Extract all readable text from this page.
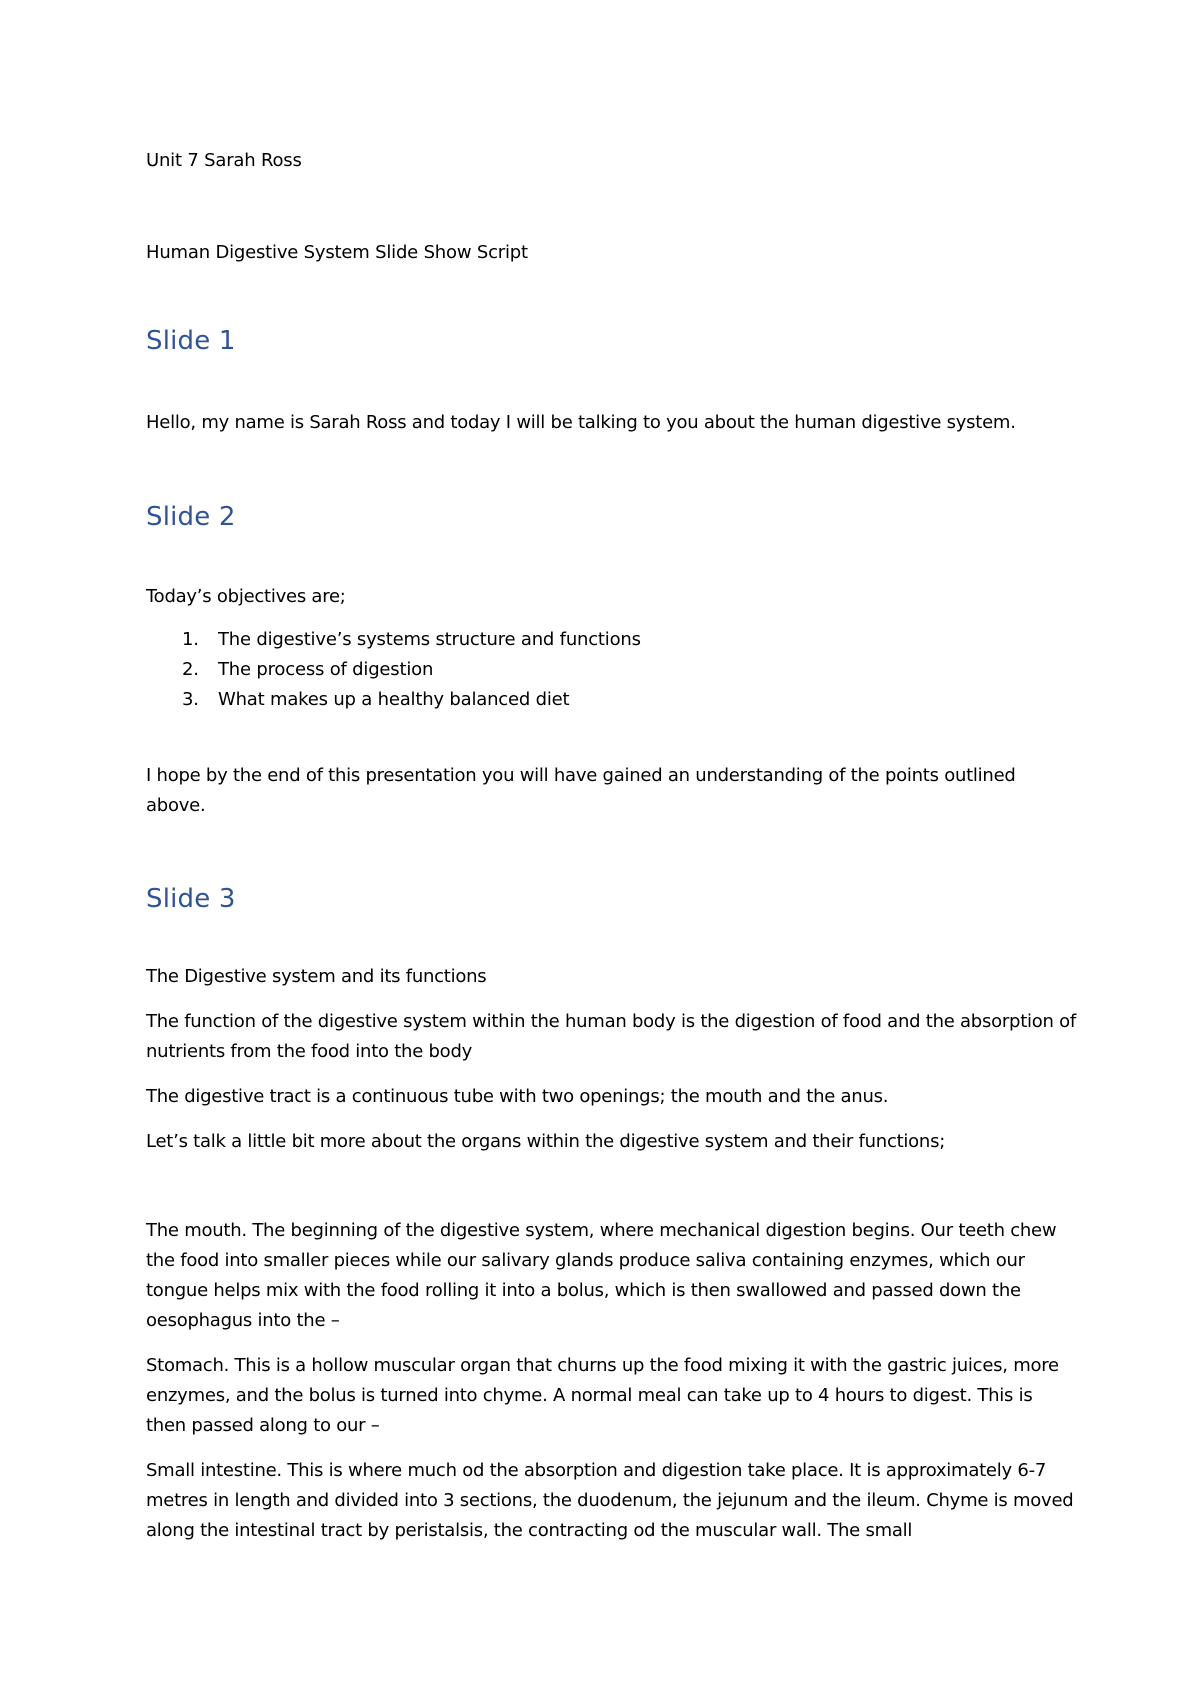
Unit 7 Sarah Ross
Human Digestive System Slide Show Script
Slide 1

Hello, my name is Sarah Ross and today I will be talking to you about the human digestive system.

Slide 2

Today’s objectives are;

1. The digestive’s systems structure and functions
2. The process of digestion
3. What makes up a healthy balanced diet

I hope by the end of this presentation you will have gained an understanding of the points outlined above.

Slide 3

The Digestive system and its functions

The function of the digestive system within the human body is the digestion of food and the absorption of nutrients from the food into the body

The digestive tract is a continuous tube with two openings; the mouth and the anus.

Let’s talk a little bit more about the organs within the digestive system and their functions;

The mouth. The beginning of the digestive system, where mechanical digestion begins. Our teeth chew the food into smaller pieces while our salivary glands produce saliva containing enzymes, which our tongue helps mix with the food rolling it into a bolus, which is then swallowed and passed down the oesophagus into the –

Stomach. This is a hollow muscular organ that churns up the food mixing it with the gastric juices, more enzymes, and the bolus is turned into chyme. A normal meal can take up to 4 hours to digest. This is then passed along to our –

Small intestine. This is where much od the absorption and digestion take place. It is approximately 6-7 metres in length and divided into 3 sections, the duodenum, the jejunum and the ileum. Chyme is moved along the intestinal tract by peristalsis, the contracting od the muscular wall. The small
